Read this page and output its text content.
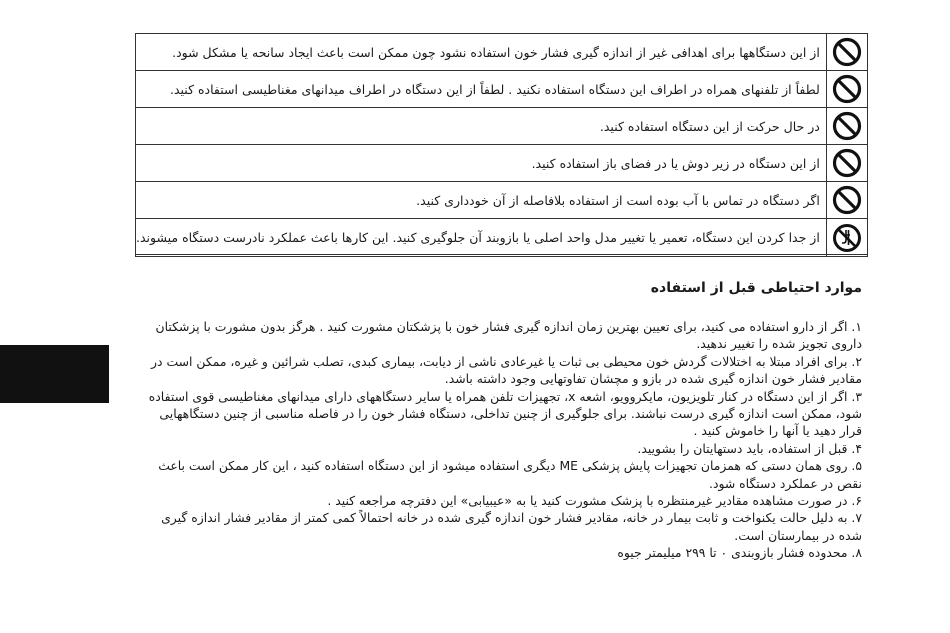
	از این دستگاهها برای اهدافی غیر از اندازه گیری فشار خون استفاده نشود چون ممکن است باعث ایجاد سانحه یا مشکل شود.

	لطفاً از تلفنهای همراه در اطراف این دستگاه استفاده نکنید . لطفاً از این دستگاه در اطراف میدانهای مغناطیسی استفاده کنید.

	در حال حرکت از این دستگاه استفاده کنید.

	از این دستگاه در زیر دوش یا در فضای باز استفاده کنید.

	اگر دستگاه در تماس با آب بوده است از استفاده بلافاصله از آن خودداری کنید.

	از جدا کردن این دستگاه، تعمیر یا تغییر مدل واحد اصلی یا بازوبند آن جلوگیری کنید. این کارها باعث عملکرد نادرست دستگاه میشوند.
موارد احتیاطی قبل از استفاده
۱. اگر از دارو استفاده می کنید، برای تعیین بهترین زمان اندازه گیری فشار خون با پزشکتان مشورت کنید . هرگز بدون مشورت با پزشکتان داروی تجویز شده را تغییر ندهید.
۲. برای افراد مبتلا به اختلالات گردش خون محیطی بی ثبات یا غیرعادی ناشی از دیابت، بیماری کبدی، تصلب شرائین و غیره، ممکن است در مقادیر فشار خون اندازه گیری شده در بازو و مچشان تفاوتهایی وجود داشته باشد.
۳. اگر از این دستگاه در کنار تلویزیون، مایکروویو، اشعه x، تجهیزات تلفن همراه یا سایر دستگاههای دارای میدانهای مغناطیسی قوی استفاده شود، ممکن است اندازه گیری درست نباشند. برای جلوگیری از چنین تداخلی، دستگاه فشار خون را در فاصله مناسبی از چنین دستگاههایی قرار دهید یا آنها را خاموش کنید .
۴. قبل از استفاده، باید دستهایتان را بشویید.
۵. روی همان دستی که همزمان تجهیزات پایش پزشکی ME دیگری استفاده میشود از این دستگاه استفاده کنید ، این کار ممکن است باعث نقص در عملکرد دستگاه شود.
۶. در صورت مشاهده مقادیر غیرمنتظره با پزشک مشورت کنید یا به «عیبیابی» این دفترچه مراجعه کنید .
۷. به دلیل حالت یکنواخت و ثابت بیمار در خانه، مقادیر فشار خون اندازه گیری شده در خانه احتمالاً کمی کمتر از مقادیر فشار اندازه گیری شده در بیمارستان است.
۸. محدوده فشار بازوبندی ۰ تا ۲۹۹ میلیمتر جیوه
